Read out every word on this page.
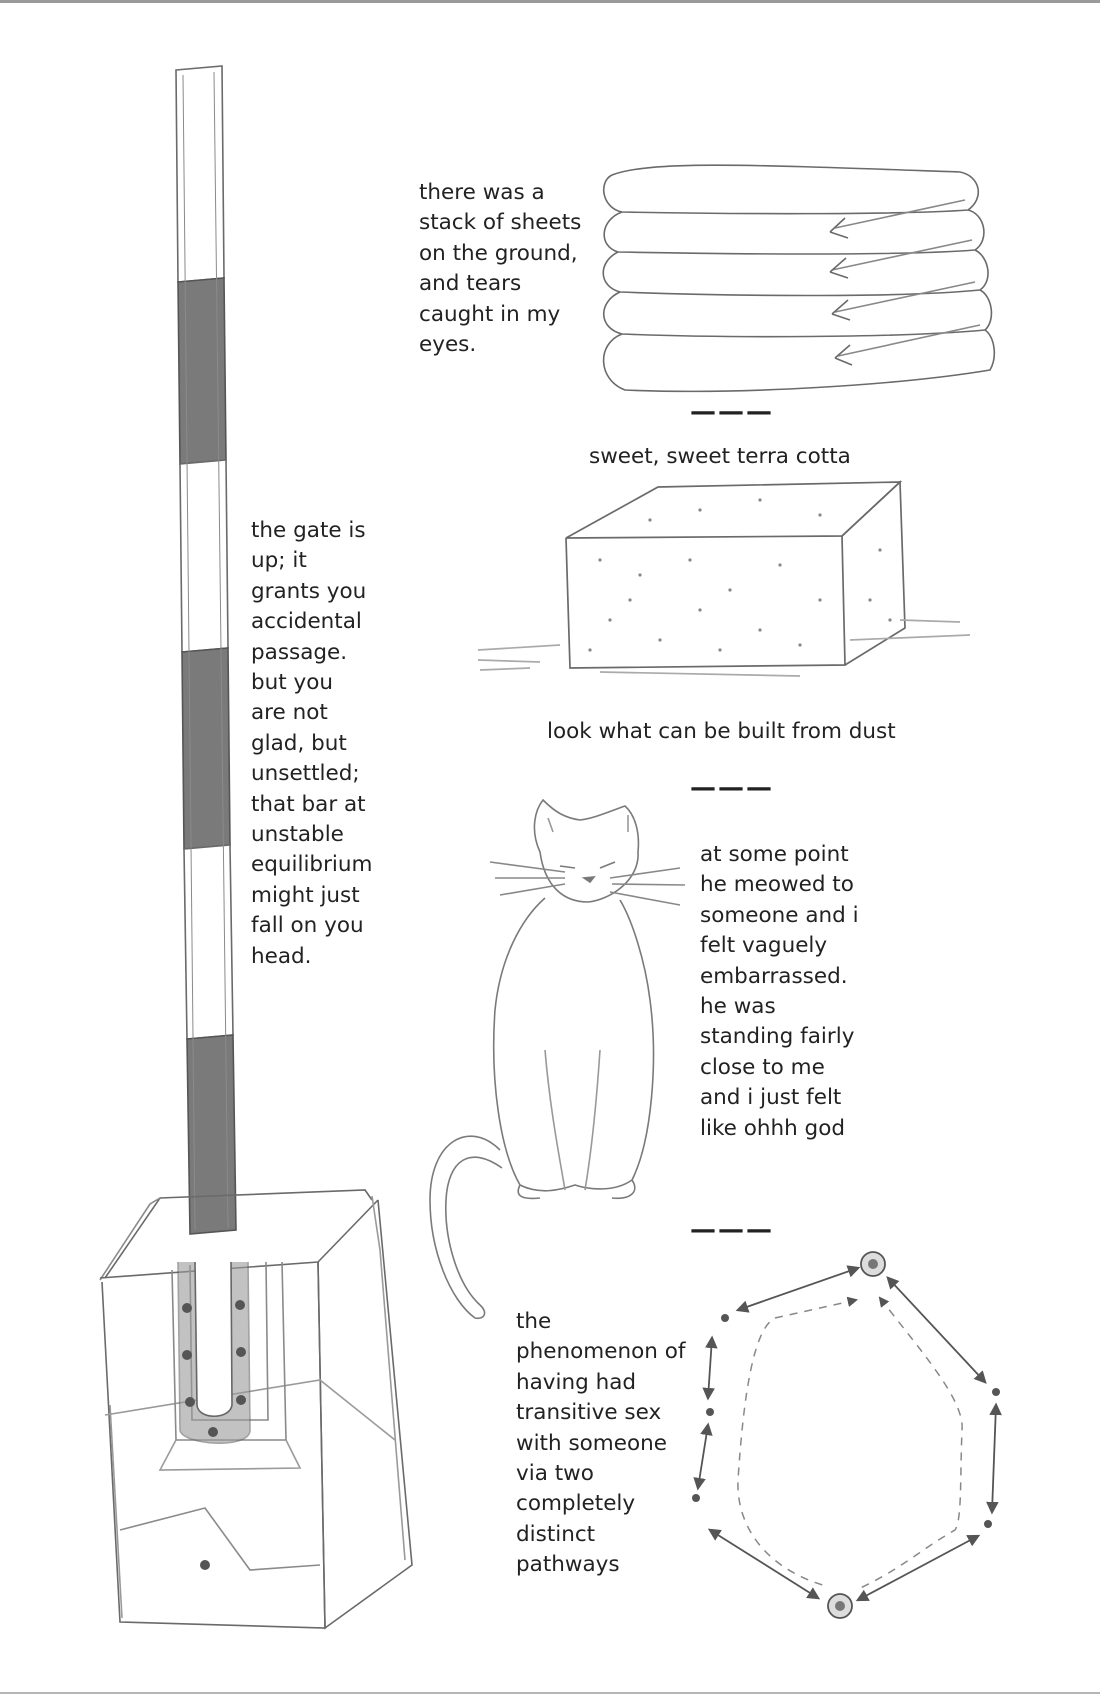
there was a
stack of sheets
on the ground,
and tears
caught in my
eyes.

———
sweet, sweet terra cotta

the gate is
up; it
grants you
accidental
passage.
but you
are not
glad, but
unsettled;
that bar at
unstable
equilibrium
might just
fall on you
head.

look what can be built from dust
———

at some point
he meowed to
someone and i
felt vaguely
embarrassed.
he was
standing fairly
close to me
and i just felt
like ohhh god

———

the
phenomenon of
having had
transitive sex
with someone
via two
completely
distinct
pathways
